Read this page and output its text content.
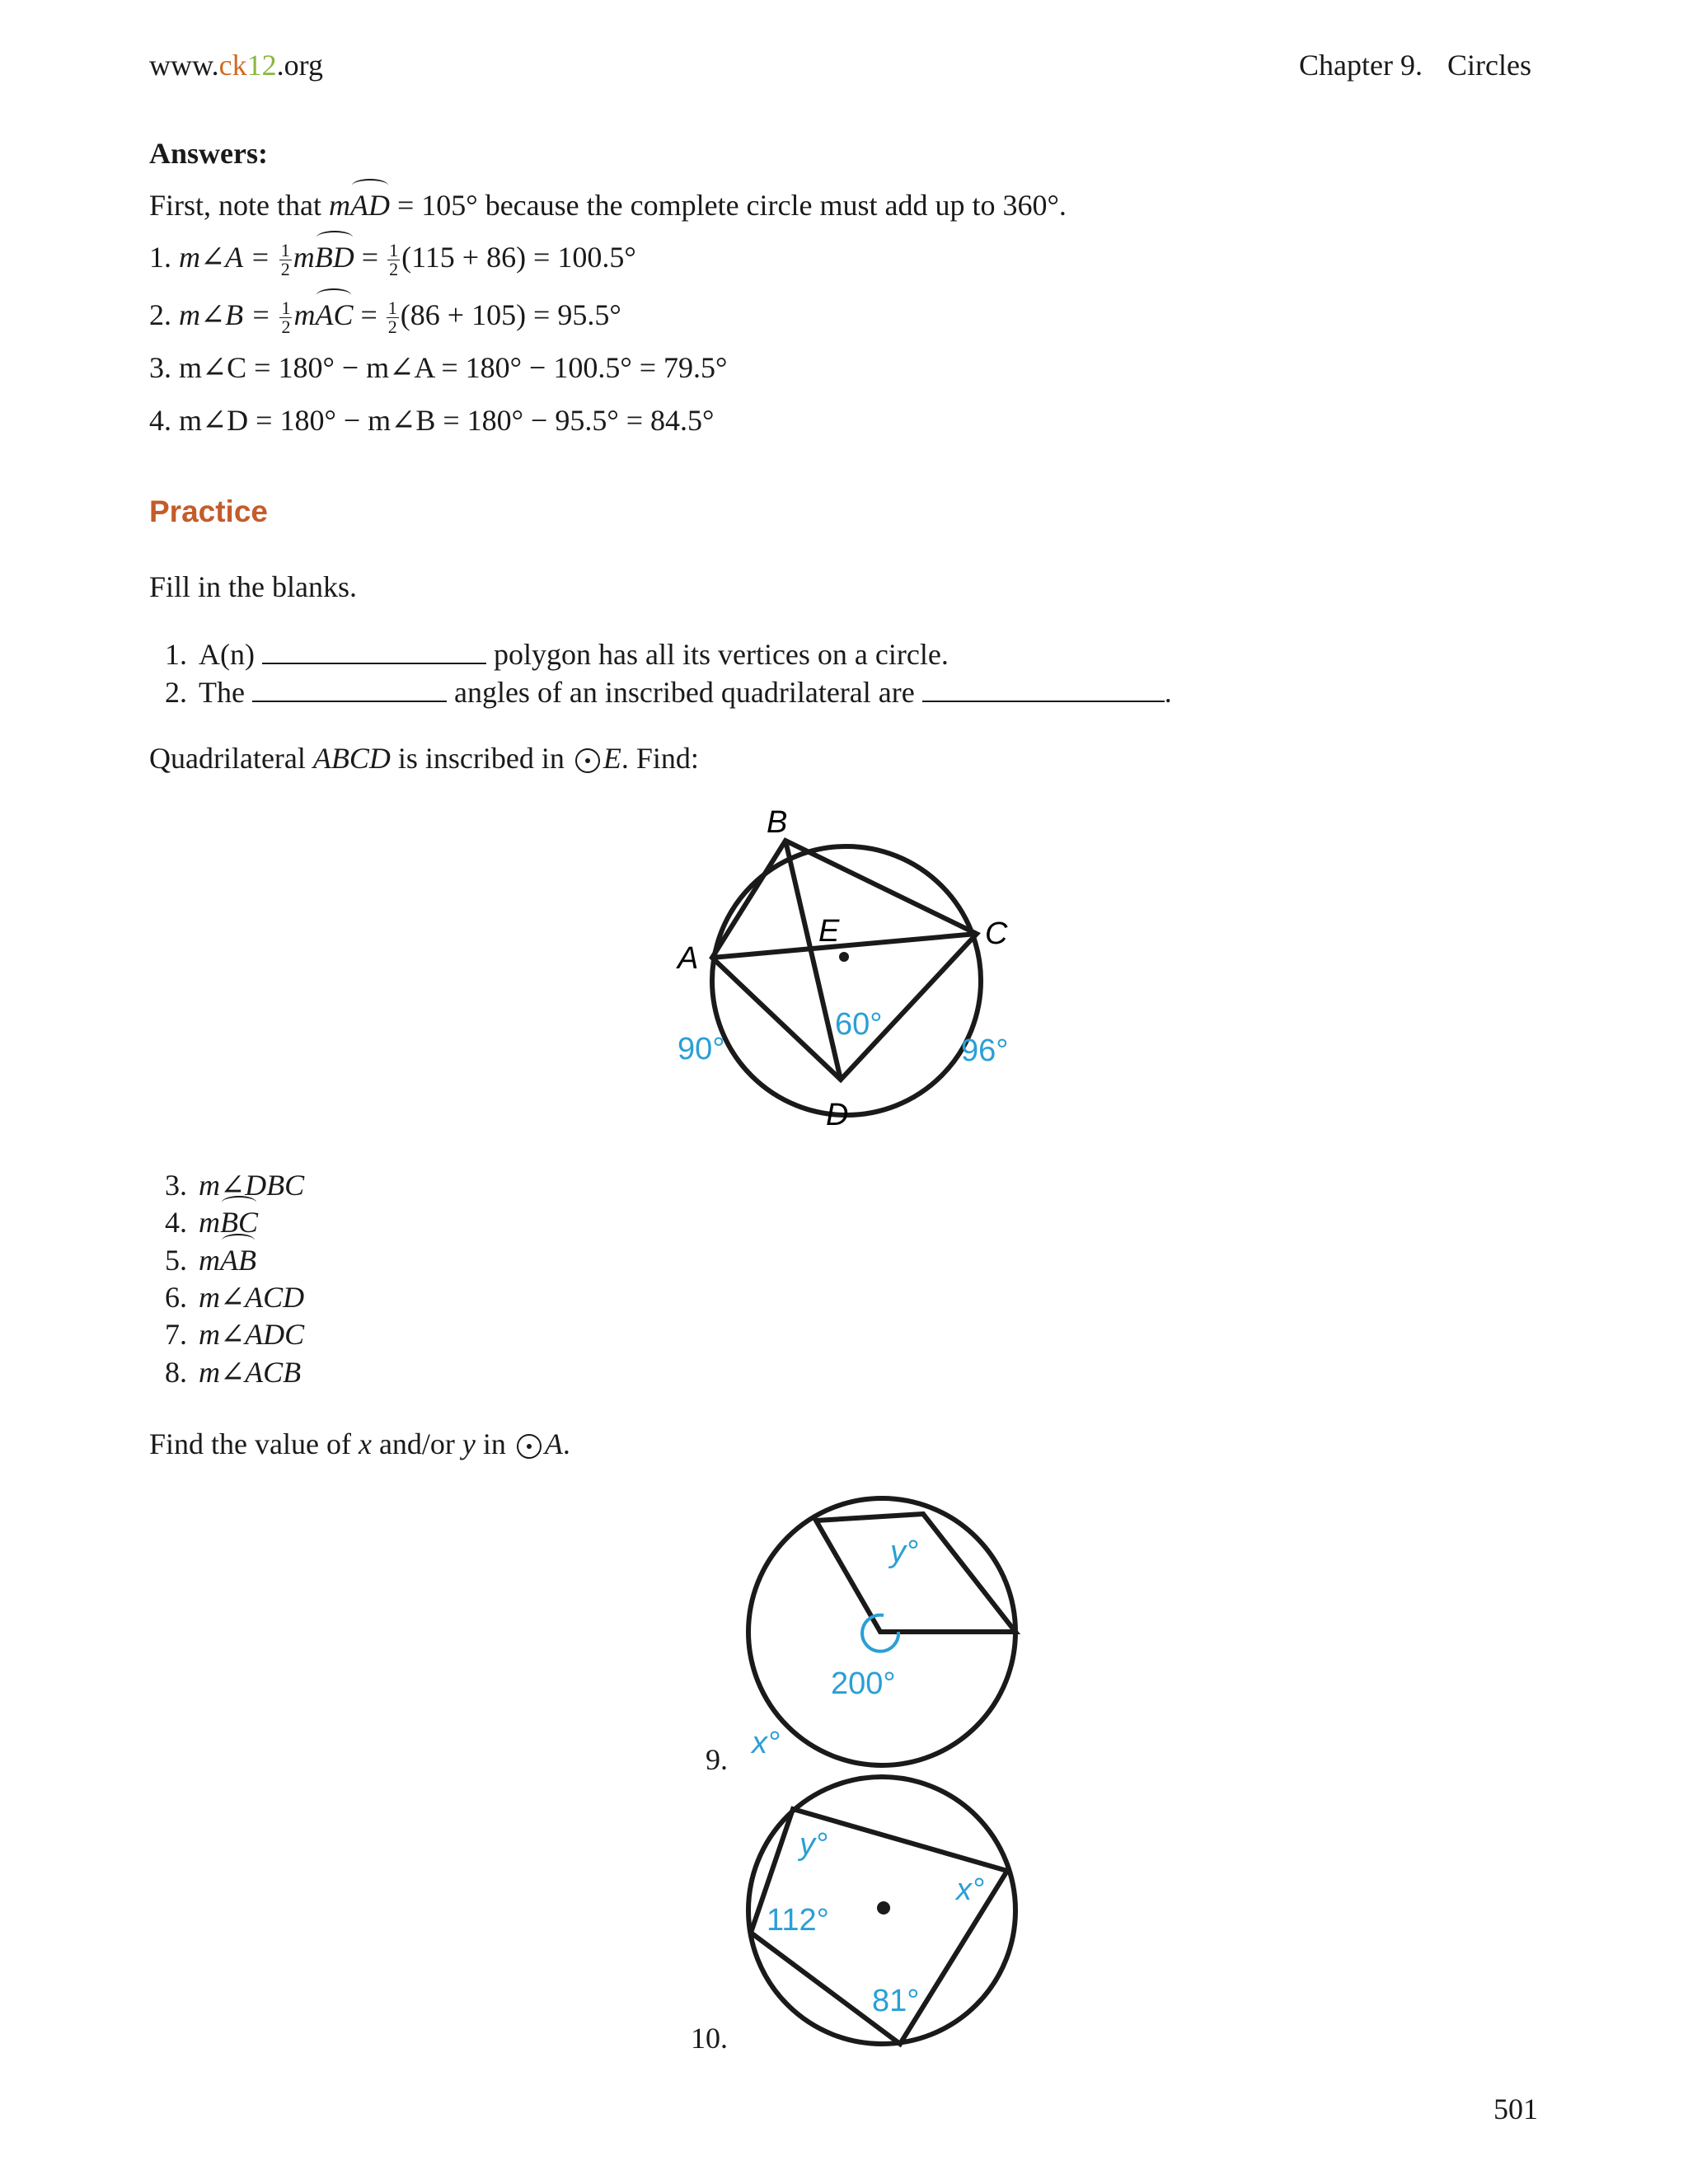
www.ck12.org	Chapter 9. Circles
Answers:
First, note that mAD = 105° because the complete circle must add up to 360°.
1. m∠A = $\frac{1}{2}$ mBD = $\frac{1}{2} (115 + 86) = 100.5^\circ$
2. m∠B = $\frac{1}{2}$ mAC = $\frac{1}{2} (86 + 105) = 95.5^\circ$
3. m∠C = 180° − m∠A = 180° − 100.5° = 79.5°
4. m∠D = 180° − m∠B = 180° − 95.5° = 84.5°
Practice
Fill in the blanks.
1. A(n)	polygon has all its vertices on a circle.
2. The	angles of an inscribed quadrilateral are	.
Quadrilateral ABCD is inscribed in E. Find:
B
C
A
D
E
90°	96°
60°
3. m∠DBC
4. mBC
5. mAB
6. m∠ACD
7. m∠ADC
8. m∠ACB
Find the value of x and/or y in A.
9.
y°
200°
x°
10.
y°
x°
112°
81°
501
